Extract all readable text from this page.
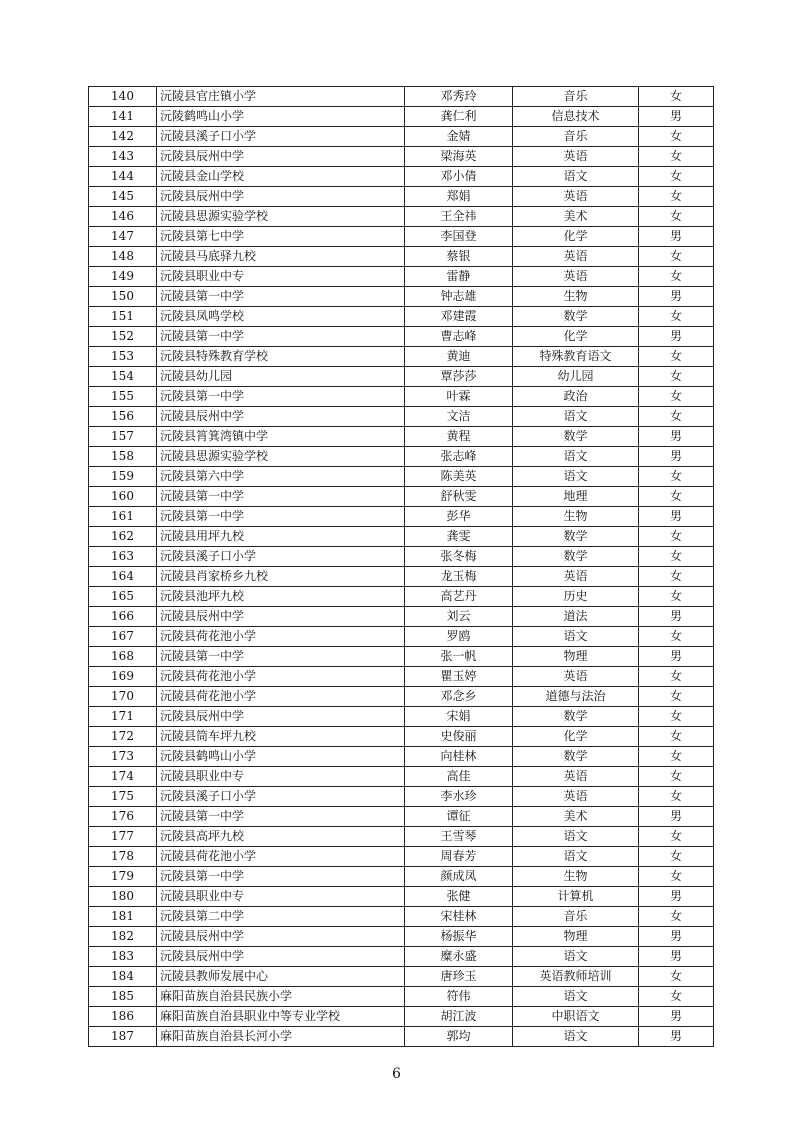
140	沅陵县官庄镇小学	邓秀玲	音乐	女
141	沅陵鹤鸣山小学	龚仁利	信息技术	男
142	沅陵县溪子口小学	金婧	音乐	女
143	沅陵县辰州中学	梁海英	英语	女
144	沅陵县金山学校	邓小倩	语文	女
145	沅陵县辰州中学	郑娟	英语	女
146	沅陵县思源实验学校	王全祎	美术	女
147	沅陵县第七中学	李国登	化学	男
148	沅陵县马底驿九校	蔡银	英语	女
149	沅陵县职业中专	雷静	英语	女
150	沅陵县第一中学	钟志雄	生物	男
151	沅陵县凤鸣学校	邓建霞	数学	女
152	沅陵县第一中学	曹志峰	化学	男
153	沅陵县特殊教育学校	黄迪	特殊教育语文	女
154	沅陵县幼儿园	覃莎莎	幼儿园	女
155	沅陵县第一中学	叶霖	政治	女
156	沅陵县辰州中学	文洁	语文	女
157	沅陵县筲箕湾镇中学	黄程	数学	男
158	沅陵县思源实验学校	张志峰	语文	男
159	沅陵县第六中学	陈美英	语文	女
160	沅陵县第一中学	舒秋雯	地理	女
161	沅陵县第一中学	彭华	生物	男
162	沅陵县用坪九校	龚雯	数学	女
163	沅陵县溪子口小学	张冬梅	数学	女
164	沅陵县肖家桥乡九校	龙玉梅	英语	女
165	沅陵县池坪九校	高艺丹	历史	女
166	沅陵县辰州中学	刘云	道法	男
167	沅陵县荷花池小学	罗鸥	语文	女
168	沅陵县第一中学	张一帆	物理	男
169	沅陵县荷花池小学	瞿玉婷	英语	女
170	沅陵县荷花池小学	邓念乡	道德与法治	女
171	沅陵县辰州中学	宋娟	数学	女
172	沅陵县筒车坪九校	史俊丽	化学	女
173	沅陵县鹤鸣山小学	向桂林	数学	女
174	沅陵县职业中专	高佳	英语	女
175	沅陵县溪子口小学	李水珍	英语	女
176	沅陵县第一中学	谭征	美术	男
177	沅陵县高坪九校	王雪琴	语文	女
178	沅陵县荷花池小学	周春芳	语文	女
179	沅陵县第一中学	颜成凤	生物	女
180	沅陵县职业中专	张健	计算机	男
181	沅陵县第二中学	宋桂林	音乐	女
182	沅陵县辰州中学	杨振华	物理	男
183	沅陵县辰州中学	糜永盛	语文	男
184	沅陵县教师发展中心	唐珍玉	英语教师培训	女
185	麻阳苗族自治县民族小学	符伟	语文	女
186	麻阳苗族自治县职业中等专业学校	胡江波	中职语文	男
187	麻阳苗族自治县长河小学	郭均	语文	男
6
